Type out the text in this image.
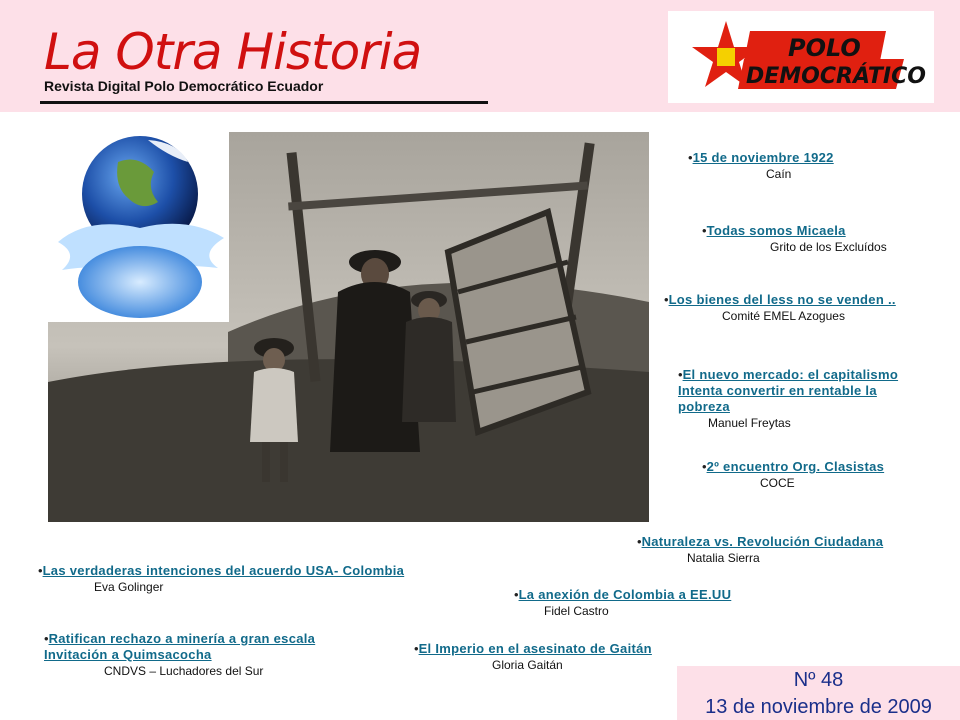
La Otra Historia
Revista Digital Polo Democrático Ecuador
POLO
DEMOCRÁTICO
•15 de noviembre 1922
Caín
•Todas somos Micaela
Grito de los Excluídos
•Los bienes del less no se venden ..
Comité EMEL Azogues
•El nuevo mercado: el capitalismo
Intenta convertir en rentable la
pobreza
Manuel Freytas
•2º encuentro Org. Clasistas
COCE
•Naturaleza vs. Revolución Ciudadana
Natalia Sierra
•Las verdaderas intenciones del acuerdo USA- Colombia
Eva Golinger	•La anexión de Colombia a EE.UU
Fidel Castro
•Ratifican rechazo a minería a gran escala
Invitación a Quimsacocha
CNDVS – Luchadores del Sur
•El Imperio en el asesinato de Gaitán
Gloria Gaitán
Nº 48
13 de noviembre de 2009
